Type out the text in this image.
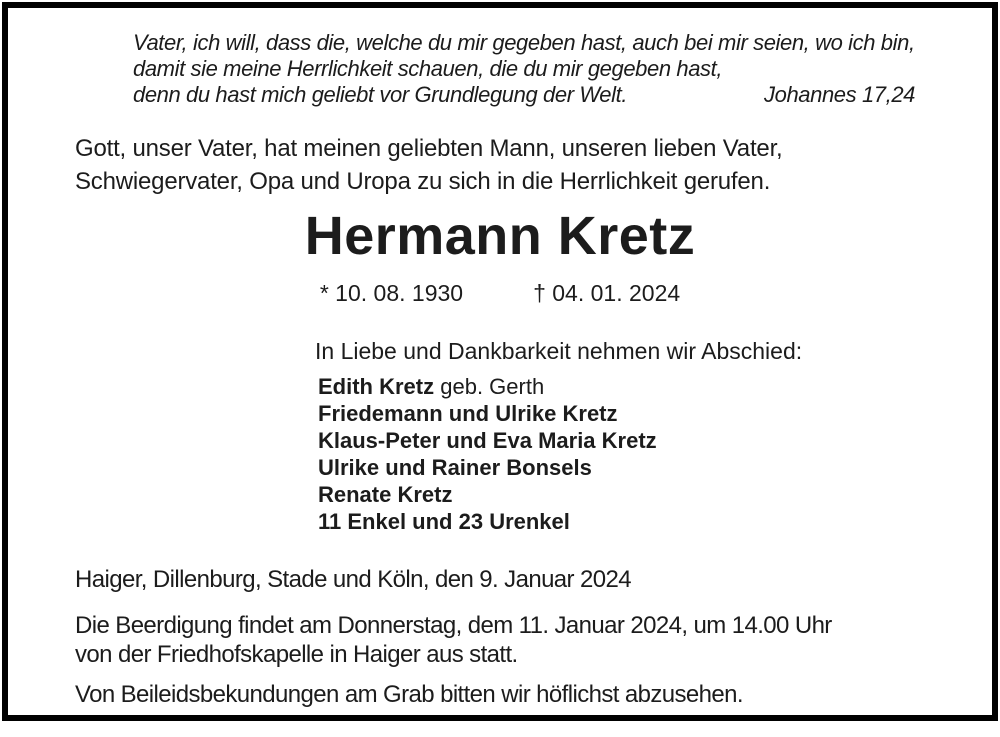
Vater, ich will, dass die, welche du mir gegeben hast, auch bei mir seien, wo ich bin,
damit sie meine Herrlichkeit schauen, die du mir gegeben hast,
denn du hast mich geliebt vor Grundlegung der Welt.	Johannes 17,24
Gott, unser Vater, hat meinen geliebten Mann, unseren lieben Vater, Schwiegervater, Opa und Uropa zu sich in die Herrlichkeit gerufen.
Hermann Kretz
* 10. 08. 1930	† 04. 01. 2024
In Liebe und Dankbarkeit nehmen wir Abschied:
Edith Kretz geb. Gerth
Friedemann und Ulrike Kretz
Klaus-Peter und Eva Maria Kretz
Ulrike und Rainer Bonsels
Renate Kretz
11 Enkel und 23 Urenkel
Haiger, Dillenburg, Stade und Köln, den 9. Januar 2024
Die Beerdigung findet am Donnerstag, dem 11. Januar 2024, um 14.00 Uhr
von der Friedhofskapelle in Haiger aus statt.
Von Beileidsbekundungen am Grab bitten wir höflichst abzusehen.
